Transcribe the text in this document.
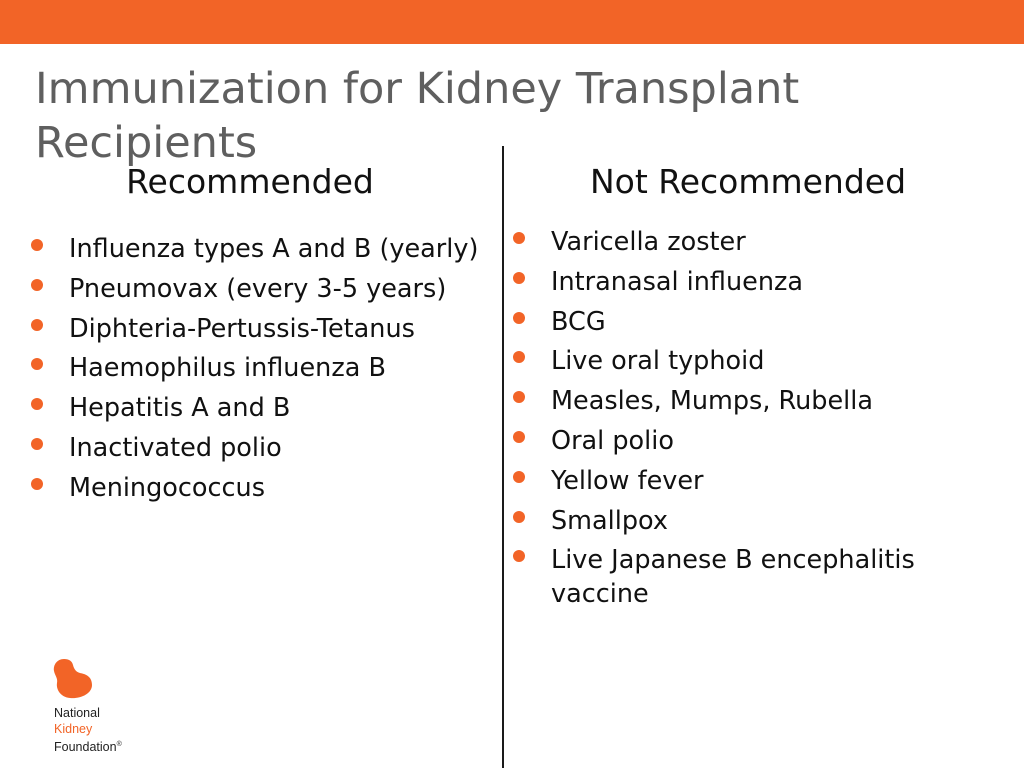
Immunization for Kidney Transplant Recipients
Recommended	Not Recommended
Influenza types A and B (yearly)
Pneumovax (every 3-5 years)
Diphteria-Pertussis-Tetanus
Haemophilus influenza B
Hepatitis A and B
Inactivated polio
Meningococcus
Varicella zoster
Intranasal influenza
BCG
Live oral typhoid
Measles, Mumps, Rubella
Oral polio
Yellow fever
Smallpox
Live Japanese B encephalitis vaccine
National
Kidney
Foundation®
